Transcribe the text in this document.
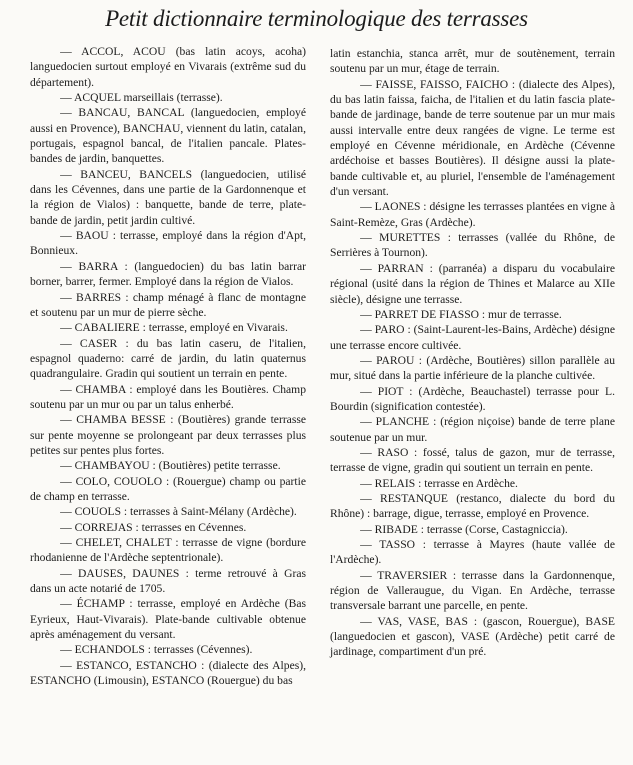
Petit dictionnaire terminologique des terrasses

— ACCOL, ACOU (bas latin acoys, acoha) languedocien surtout employé en Vivarais (extrême sud du département).

— ACQUEL marseillais (terrasse).

— BANCAU, BANCAL (languedocien, employé aussi en Provence), BANCHAU, viennent du latin, catalan, portugais, espagnol bancal, de l'italien pancale. Plates-bandes de jardin, banquettes.

— BANCEU, BANCELS (languedocien, utilisé dans les Cévennes, dans une partie de la Gardonnenque et la région de Vialos) : banquette, bande de terre, plate-bande de jardin, petit jardin cultivé.

— BAOU : terrasse, employé dans la région d'Apt, Bonnieux.

— BARRA : (languedocien) du bas latin barrar borner, barrer, fermer. Employé dans la région de Vialos.

— BARRES : champ ménagé à flanc de montagne et soutenu par un mur de pierre sèche.

— CABALIERE : terrasse, employé en Vivarais.

— CASER : du bas latin caseru, de l'italien, espagnol quaderno: carré de jardin, du latin quaternus quadrangulaire. Gradin qui soutient un terrain en pente.

— CHAMBA : employé dans les Boutières. Champ soutenu par un mur ou par un talus enherbé.

— CHAMBA BESSE : (Boutières) grande terrasse sur pente moyenne se prolongeant par deux terrasses plus petites sur pentes plus fortes.

— CHAMBAYOU : (Boutières) petite terrasse.

— COLO, COUOLO : (Rouergue) champ ou partie de champ en terrasse.

— COUOLS : terrasses à Saint-Mélany (Ardèche).

— CORREJAS : terrasses en Cévennes.

— CHELET, CHALET : terrasse de vigne (bordure rhodanienne de l'Ardèche septentrionale).

— DAUSES, DAUNES : terme retrouvé à Gras dans un acte notarié de 1705.

— ÉCHAMP : terrasse, employé en Ardèche (Bas Eyrieux, Haut-Vivarais). Plate-bande cultivable obtenue après aménagement du versant.

— ECHANDOLS : terrasses (Cévennes).

— ESTANCO, ESTANCHO : (dialecte des Alpes), ESTANCHO (Limousin), ESTANCO (Rouergue) du bas

latin estanchia, stanca arrêt, mur de soutènement, terrain soutenu par un mur, étage de terrain.

— FAISSE, FAISSO, FAICHO : (dialecte des Alpes), du bas latin faissa, faicha, de l'italien et du latin fascia plate-bande de jardinage, bande de terre soutenue par un mur mais aussi intervalle entre deux rangées de vigne. Le terme est employé en Cévenne méridionale, en Ardèche (Cévenne ardéchoise et basses Boutières). Il désigne aussi la plate-bande cultivable et, au pluriel, l'ensemble de l'aménagement d'un versant.

— LAONES : désigne les terrasses plantées en vigne à Saint-Remèze, Gras (Ardèche).

— MURETTES : terrasses (vallée du Rhône, de Serrières à Tournon).

— PARRAN : (parranéa) a disparu du vocabulaire régional (usité dans la région de Thines et Malarce au XIIe siècle), désigne une terrasse.

— PARRET DE FIASSO : mur de terrasse.

— PARO : (Saint-Laurent-les-Bains, Ardèche) désigne une terrasse encore cultivée.

— PAROU : (Ardèche, Boutières) sillon parallèle au mur, situé dans la partie inférieure de la planche cultivée.

— PIOT : (Ardèche, Beauchastel) terrasse pour L. Bourdin (signification contestée).

— PLANCHE : (région niçoise) bande de terre plane soutenue par un mur.

— RASO : fossé, talus de gazon, mur de terrasse, terrasse de vigne, gradin qui soutient un terrain en pente.

— RELAIS : terrasse en Ardèche.

— RESTANQUE (restanco, dialecte du bord du Rhône) : barrage, digue, terrasse, employé en Provence.

— RIBADE : terrasse (Corse, Castagniccia).

— TASSO : terrasse à Mayres (haute vallée de l'Ardèche).

— TRAVERSIER : terrasse dans la Gardonnenque, région de Valleraugue, du Vigan. En Ardèche, terrasse transversale barrant une parcelle, en pente.

— VAS, VASE, BAS : (gascon, Rouergue), BASE (languedocien et gascon), VASE (Ardèche) petit carré de jardinage, compartiment d'un pré.
